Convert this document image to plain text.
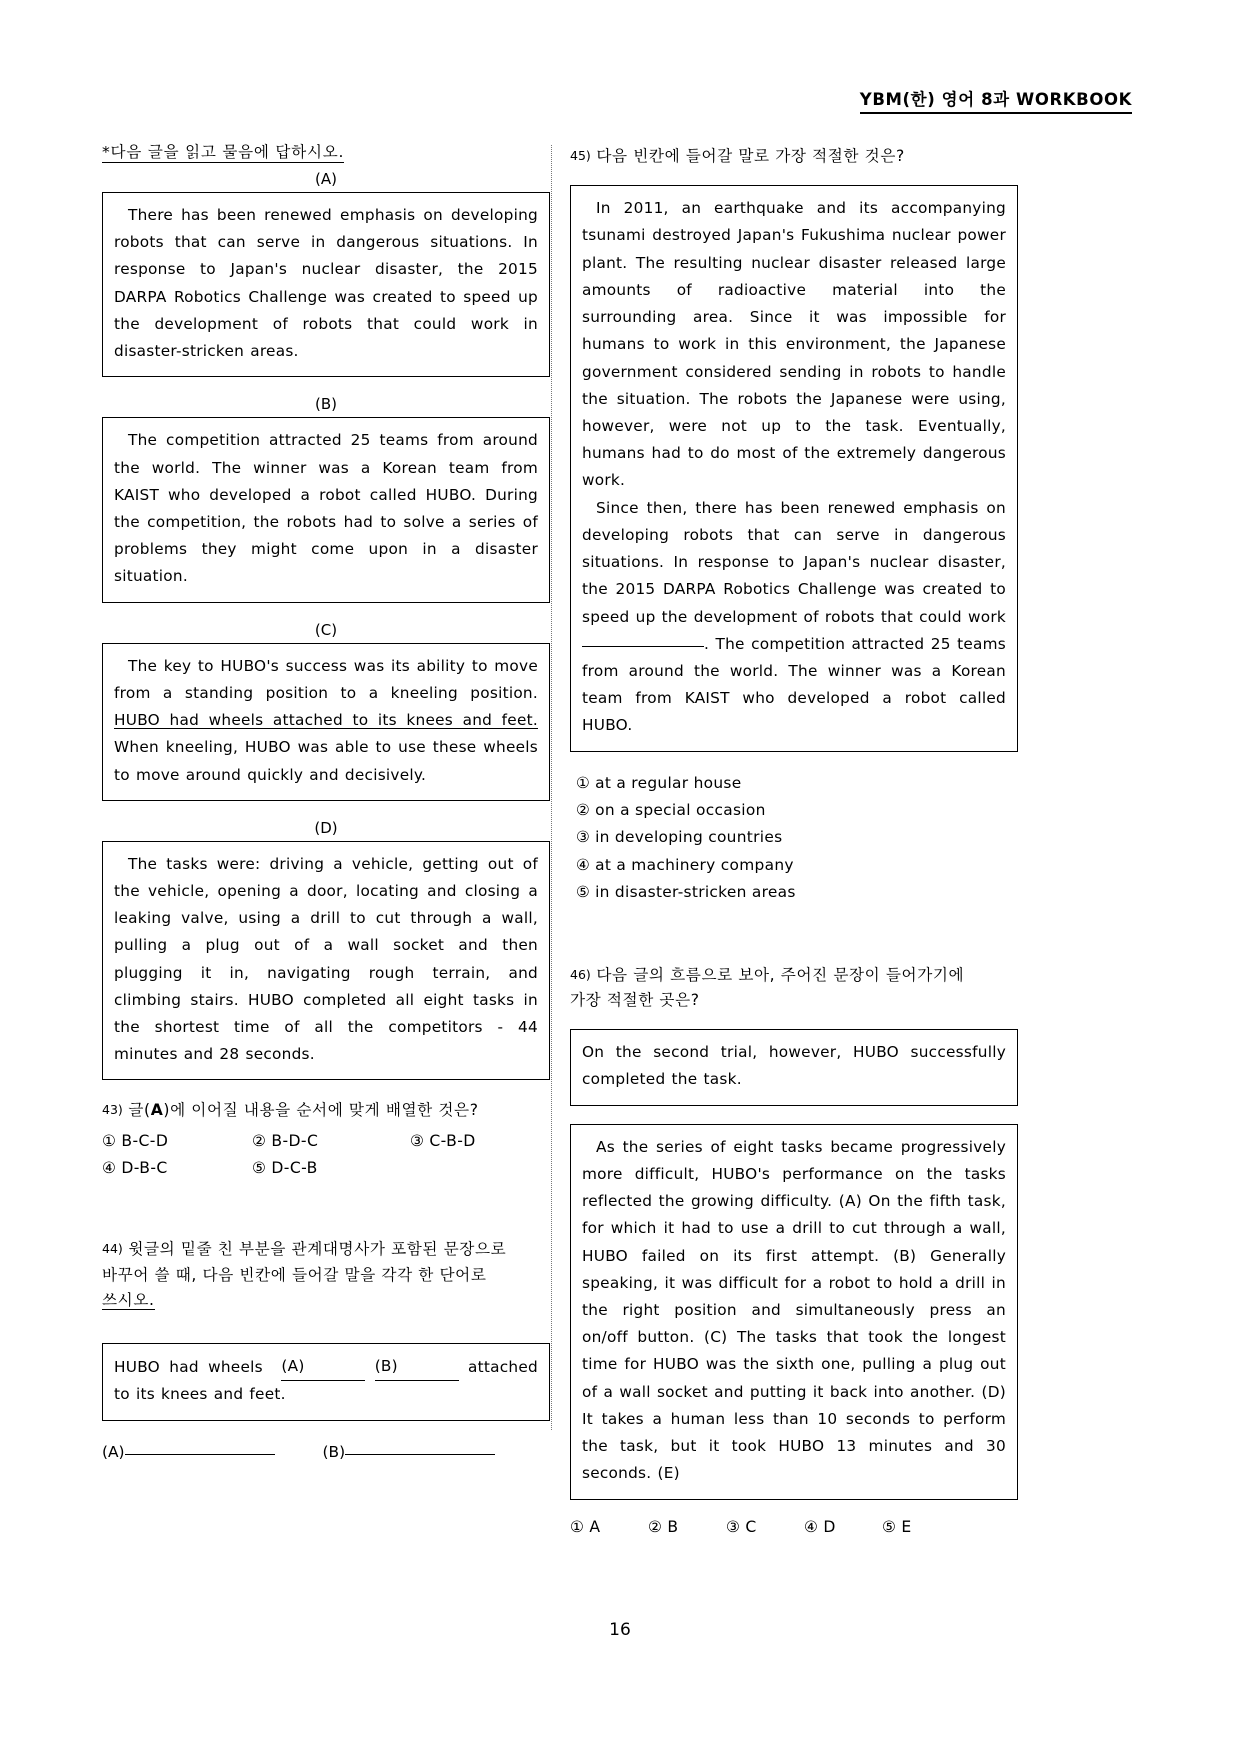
YBM(한) 영어 8과 WORKBOOK
*다음 글을 읽고 물음에 답하시오.
(A)

There has been renewed emphasis on developing robots that can serve in dangerous situations. In response to Japan's nuclear disaster, the 2015 DARPA Robotics Challenge was created to speed up the development of robots that could work in disaster-stricken areas.

(B)

The competition attracted 25 teams from around the world. The winner was a Korean team from KAIST who developed a robot called HUBO. During the competition, the robots had to solve a series of problems they might come upon in a disaster situation.

(C)

The key to HUBO's success was its ability to move from a standing position to a kneeling position. HUBO had wheels attached to its knees and feet. When kneeling, HUBO was able to use these wheels to move around quickly and decisively.

(D)

The tasks were: driving a vehicle, getting out of the vehicle, opening a door, locating and closing a leaking valve, using a drill to cut through a wall, pulling a plug out of a wall socket and then plugging it in, navigating rough terrain, and climbing stairs. HUBO completed all eight tasks in the shortest time of all the competitors - 44 minutes and 28 seconds.

43) 글(A)에 이어질 내용을 순서에 맞게 배열한 것은?
① B-C-D	② B-D-C	③ C-B-D
④ D-B-C	⑤ D-C-B
44) 윗글의 밑줄 친 부분을 관계대명사가 포함된 문장으로
바꾸어 쓸 때, 다음 빈칸에 들어갈 말을 각각 한 단어로
쓰시오.

HUBO had wheels (A)	(B)	attached to its knees and feet.

(A)	(B)
45) 다음 빈칸에 들어갈 말로 가장 적절한 것은?

In 2011, an earthquake and its accompanying tsunami destroyed Japan's Fukushima nuclear power plant. The resulting nuclear disaster released large amounts of radioactive material into the surrounding area. Since it was impossible for humans to work in this environment, the Japanese government considered sending in robots to handle the situation. The robots the Japanese were using, however, were not up to the task. Eventually, humans had to do most of the extremely dangerous work.

Since then, there has been renewed emphasis on developing robots that can serve in dangerous situations. In response to Japan's nuclear disaster, the 2015 DARPA Robotics Challenge was created to speed up the development of robots that could work . The competition attracted 25 teams from around the world. The winner was a Korean team from KAIST who developed a robot called HUBO.

① at a regular house
② on a special occasion
③ in developing countries
④ at a machinery company
⑤ in disaster-stricken areas
46) 다음 글의 흐름으로 보아, 주어진 문장이 들어가기에
가장 적절한 곳은?

On the second trial, however, HUBO successfully completed the task.

As the series of eight tasks became progressively more difficult, HUBO's performance on the tasks reflected the growing difficulty. (A) On the fifth task, for which it had to use a drill to cut through a wall, HUBO failed on its first attempt. (B) Generally speaking, it was difficult for a robot to hold a drill in the right position and simultaneously press an on/off button. (C) The tasks that took the longest time for HUBO was the sixth one, pulling a plug out of a wall socket and putting it back into another. (D) It takes a human less than 10 seconds to perform the task, but it took HUBO 13 minutes and 30 seconds. (E)

① A	② B	③ C	④ D	⑤ E
16
